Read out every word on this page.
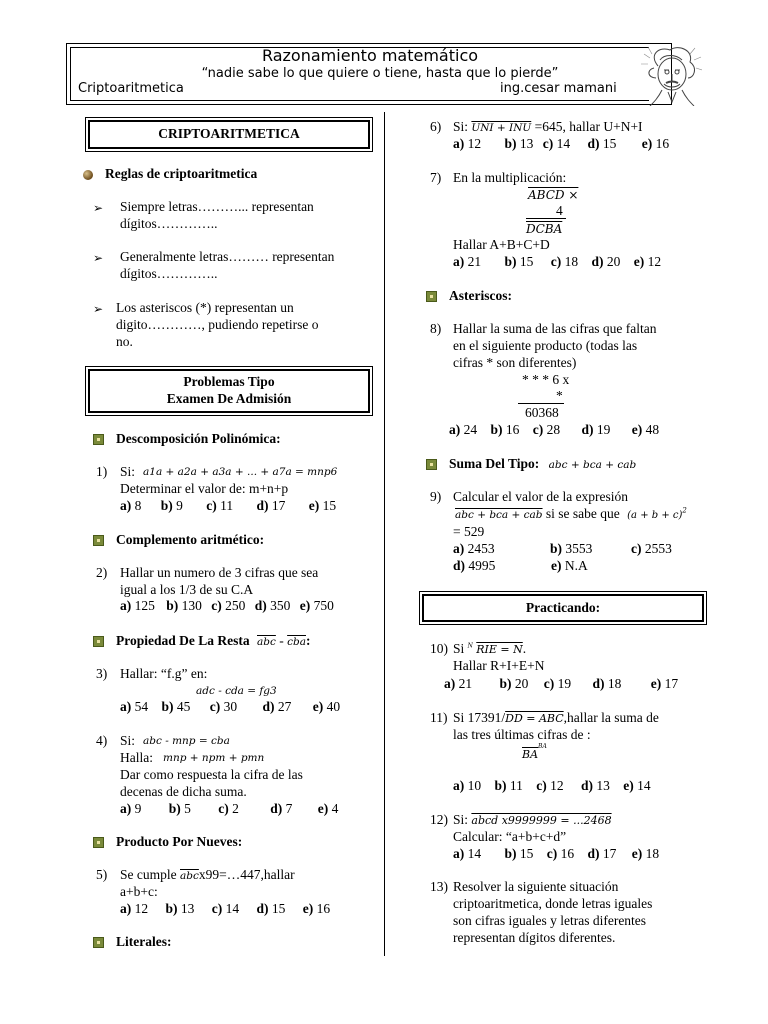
Razonamiento matemático
“nadie sabe lo que quiere o tiene, hasta que lo pierde”
Criptoaritmetica	ing.cesar mamani
CRIPTOARITMETICA
Reglas de criptoaritmetica
➢ Siempre letras………... representan
dígitos…………..
➢ Generalmente letras……… representan
dígitos…………..
➢ Los asteriscos (*) representan un
digito…………, pudiendo repetirse o
no.
Problemas Tipo
Examen De Admisión
Descomposición Polinómica:
1) Si: a1a + a2a + a3a + ... + a7a = mnp6
Determinar el valor de: m+n+p
a) 8 b) 9 c) 11 d) 17 e) 15
Complemento aritmético:
2) Hallar un numero de 3 cifras que sea
igual a los 1/3 de su C.A
a) 125 b) 130 c) 250 d) 350 e) 750
Propiedad De La Resta $\overline{abc} - \overline{cba}$:
3) Hallar: “f.g” en:
adc - cda = fg3
a) 54 b) 45 c) 30 d) 27 e) 40
4) Si: abc - mnp = cba
Halla: mnp + npm + pmn
Dar como respuesta la cifra de las
decenas de dicha suma.
a) 9 b) 5 c) 2 d) 7 e) 4
Producto Por Nueves:
5) Se cumple $\overline{abc}x99=\dots 447,hallar$
a+b+c:
a) 12 b) 13 c) 14 d) 15 e) 16
Literales:
6) Si: UNI + INU =645, hallar U+N+I
a) 12 b) 13 c) 14 d) 15 e) 16
7) En la multiplicación:
ABCD ×
4
DCBA
Hallar A+B+C+D
a) 21 b) 15 c) 18 d) 20 e) 12
Asteriscos:
8) Hallar la suma de las cifras que faltan
en el siguiente producto (todas las
cifras * son diferentes)
* * * 6 x
*
60368
a) 24 b) 16 c) 28 d) 19 e) 48
Suma Del Tipo: abc + bca + cab
9) Calcular el valor de la expresión
abc + bca + cab si se sabe que $(a + b + c)^2$
= 529
a) 2453	b) 3553	c) 2553
d) 4995	e) N.A
Practicando:
10) Si $^N$ RIE = N.
Hallar R+I+E+N
a) 21 b) 20 c) 19 d) 18 e) 17
11) Si 17391/DD = ABC,hallar la suma de
las tres últimas cifras de :
$\overline{BA}^{BA}$
a) 10 b) 11 c) 12 d) 13 e) 14
12) Si: abcd x9999999 = ...2468
Calcular: “a+b+c+d”
a) 14 b) 15 c) 16 d) 17 e) 18
13) Resolver la siguiente situación
criptoaritmetica, donde letras iguales
son cifras iguales y letras diferentes
representan dígitos diferentes.
